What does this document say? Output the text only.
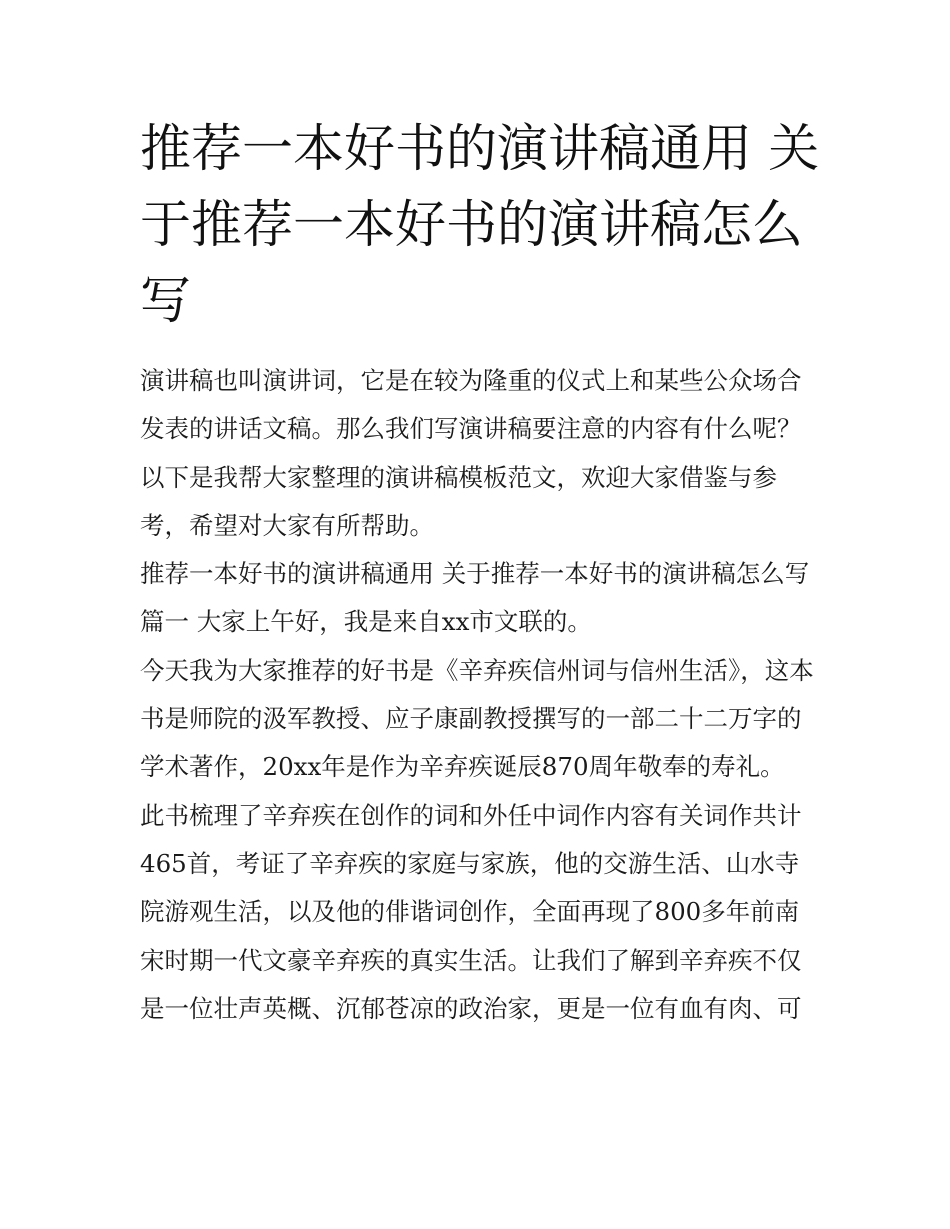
推荐一本好书的演讲稿通用 关于推荐一本好书的演讲稿怎么写

演讲稿也叫演讲词，它是在较为隆重的仪式上和某些公众场合发表的讲话文稿。那么我们写演讲稿要注意的内容有什么呢？以下是我帮大家整理的演讲稿模板范文，欢迎大家借鉴与参考，希望对大家有所帮助。

推荐一本好书的演讲稿通用 关于推荐一本好书的演讲稿怎么写篇一 大家上午好，我是来自xx市文联的。

今天我为大家推荐的好书是《辛弃疾信州词与信州生活》，这本书是师院的汲军教授、应子康副教授撰写的一部二十二万字的学术著作，20xx年是作为辛弃疾诞辰870周年敬奉的寿礼。

此书梳理了辛弃疾在创作的词和外任中词作内容有关词作共计465首，考证了辛弃疾的家庭与家族，他的交游生活、山水寺院游观生活，以及他的俳谐词创作，全面再现了800多年前南宋时期一代文豪辛弃疾的真实生活。让我们了解到辛弃疾不仅是一位壮声英概、沉郁苍凉的政治家，更是一位有血有肉、可
